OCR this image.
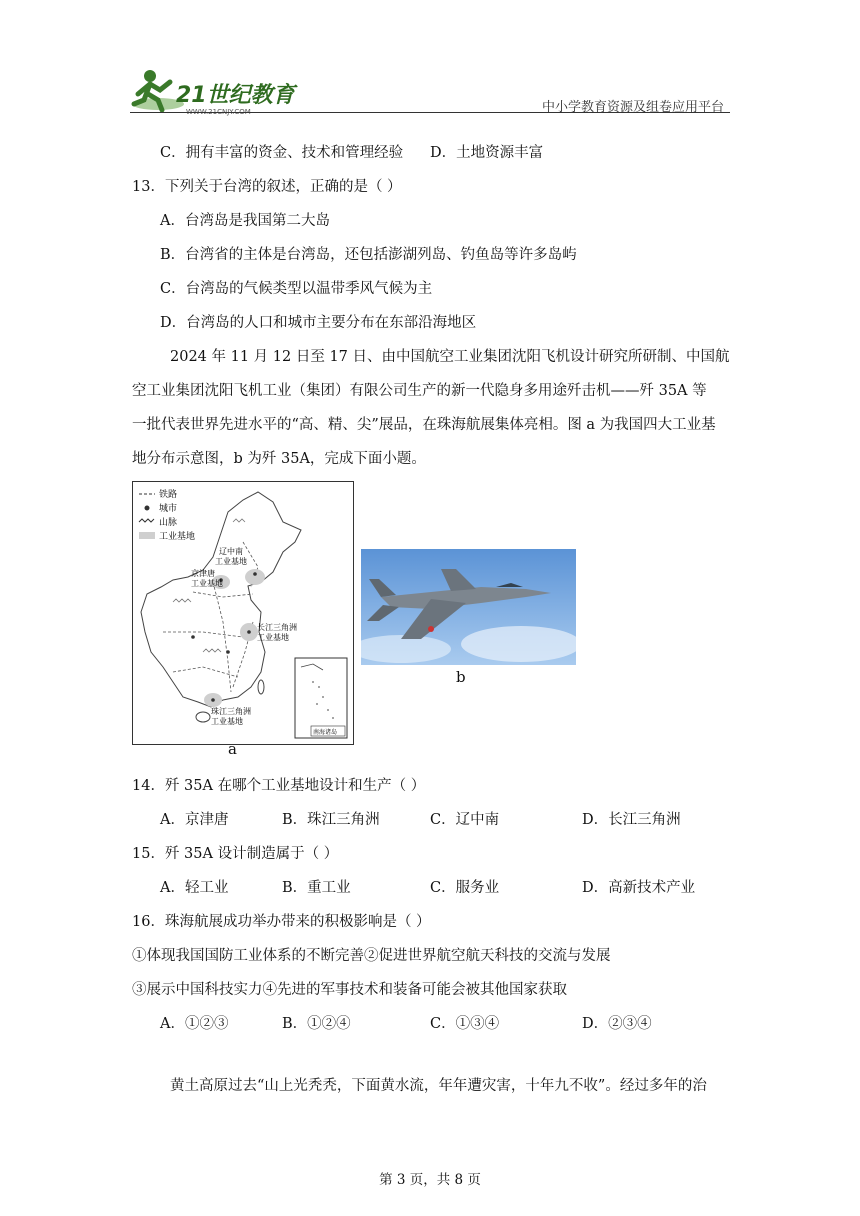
21世纪教育
WWW.21CNJY.COM	中小学教育资源及组卷应用平台
C．拥有丰富的资金、技术和管理经验 D．土地资源丰富
13．下列关于台湾的叙述，正确的是（ ）
A．台湾岛是我国第二大岛
B．台湾省的主体是台湾岛，还包括澎湖列岛、钓鱼岛等许多岛屿
C．台湾岛的气候类型以温带季风气候为主
D．台湾岛的人口和城市主要分布在东部沿海地区
2024 年 11 月 12 日至 17 日、由中国航空工业集团沈阳飞机设计研究所研制、中国航
空工业集团沈阳飞机工业（集团）有限公司生产的新一代隐身多用途歼击机——歼 35A 等
一批代表世界先进水平的“高、精、尖”展品，在珠海航展集体亮相。图 a 为我国四大工业基
地分布示意图，b 为歼 35A，完成下面小题。
铁路
城市
山脉
工业基地
辽中南
工业基地
京津唐
工业基地
长江三角洲
工业基地
珠江三角洲
工业基地
南海诸岛
a
b
14．歼 35A 在哪个工业基地设计和生产（ ）
A．京津唐	B．珠江三角洲	C．辽中南	D．长江三角洲
15．歼 35A 设计制造属于（ ）
A．轻工业	B．重工业	C．服务业	D．高新技术产业
16．珠海航展成功举办带来的积极影响是（ ）
①体现我国国防工业体系的不断完善②促进世界航空航天科技的交流与发展
③展示中国科技实力④先进的军事技术和装备可能会被其他国家获取
A．①②③	B．①②④	C．①③④	D．②③④
黄土高原过去“山上光秃秃，下面黄水流，年年遭灾害，十年九不收”。经过多年的治
第 3 页，共 8 页
